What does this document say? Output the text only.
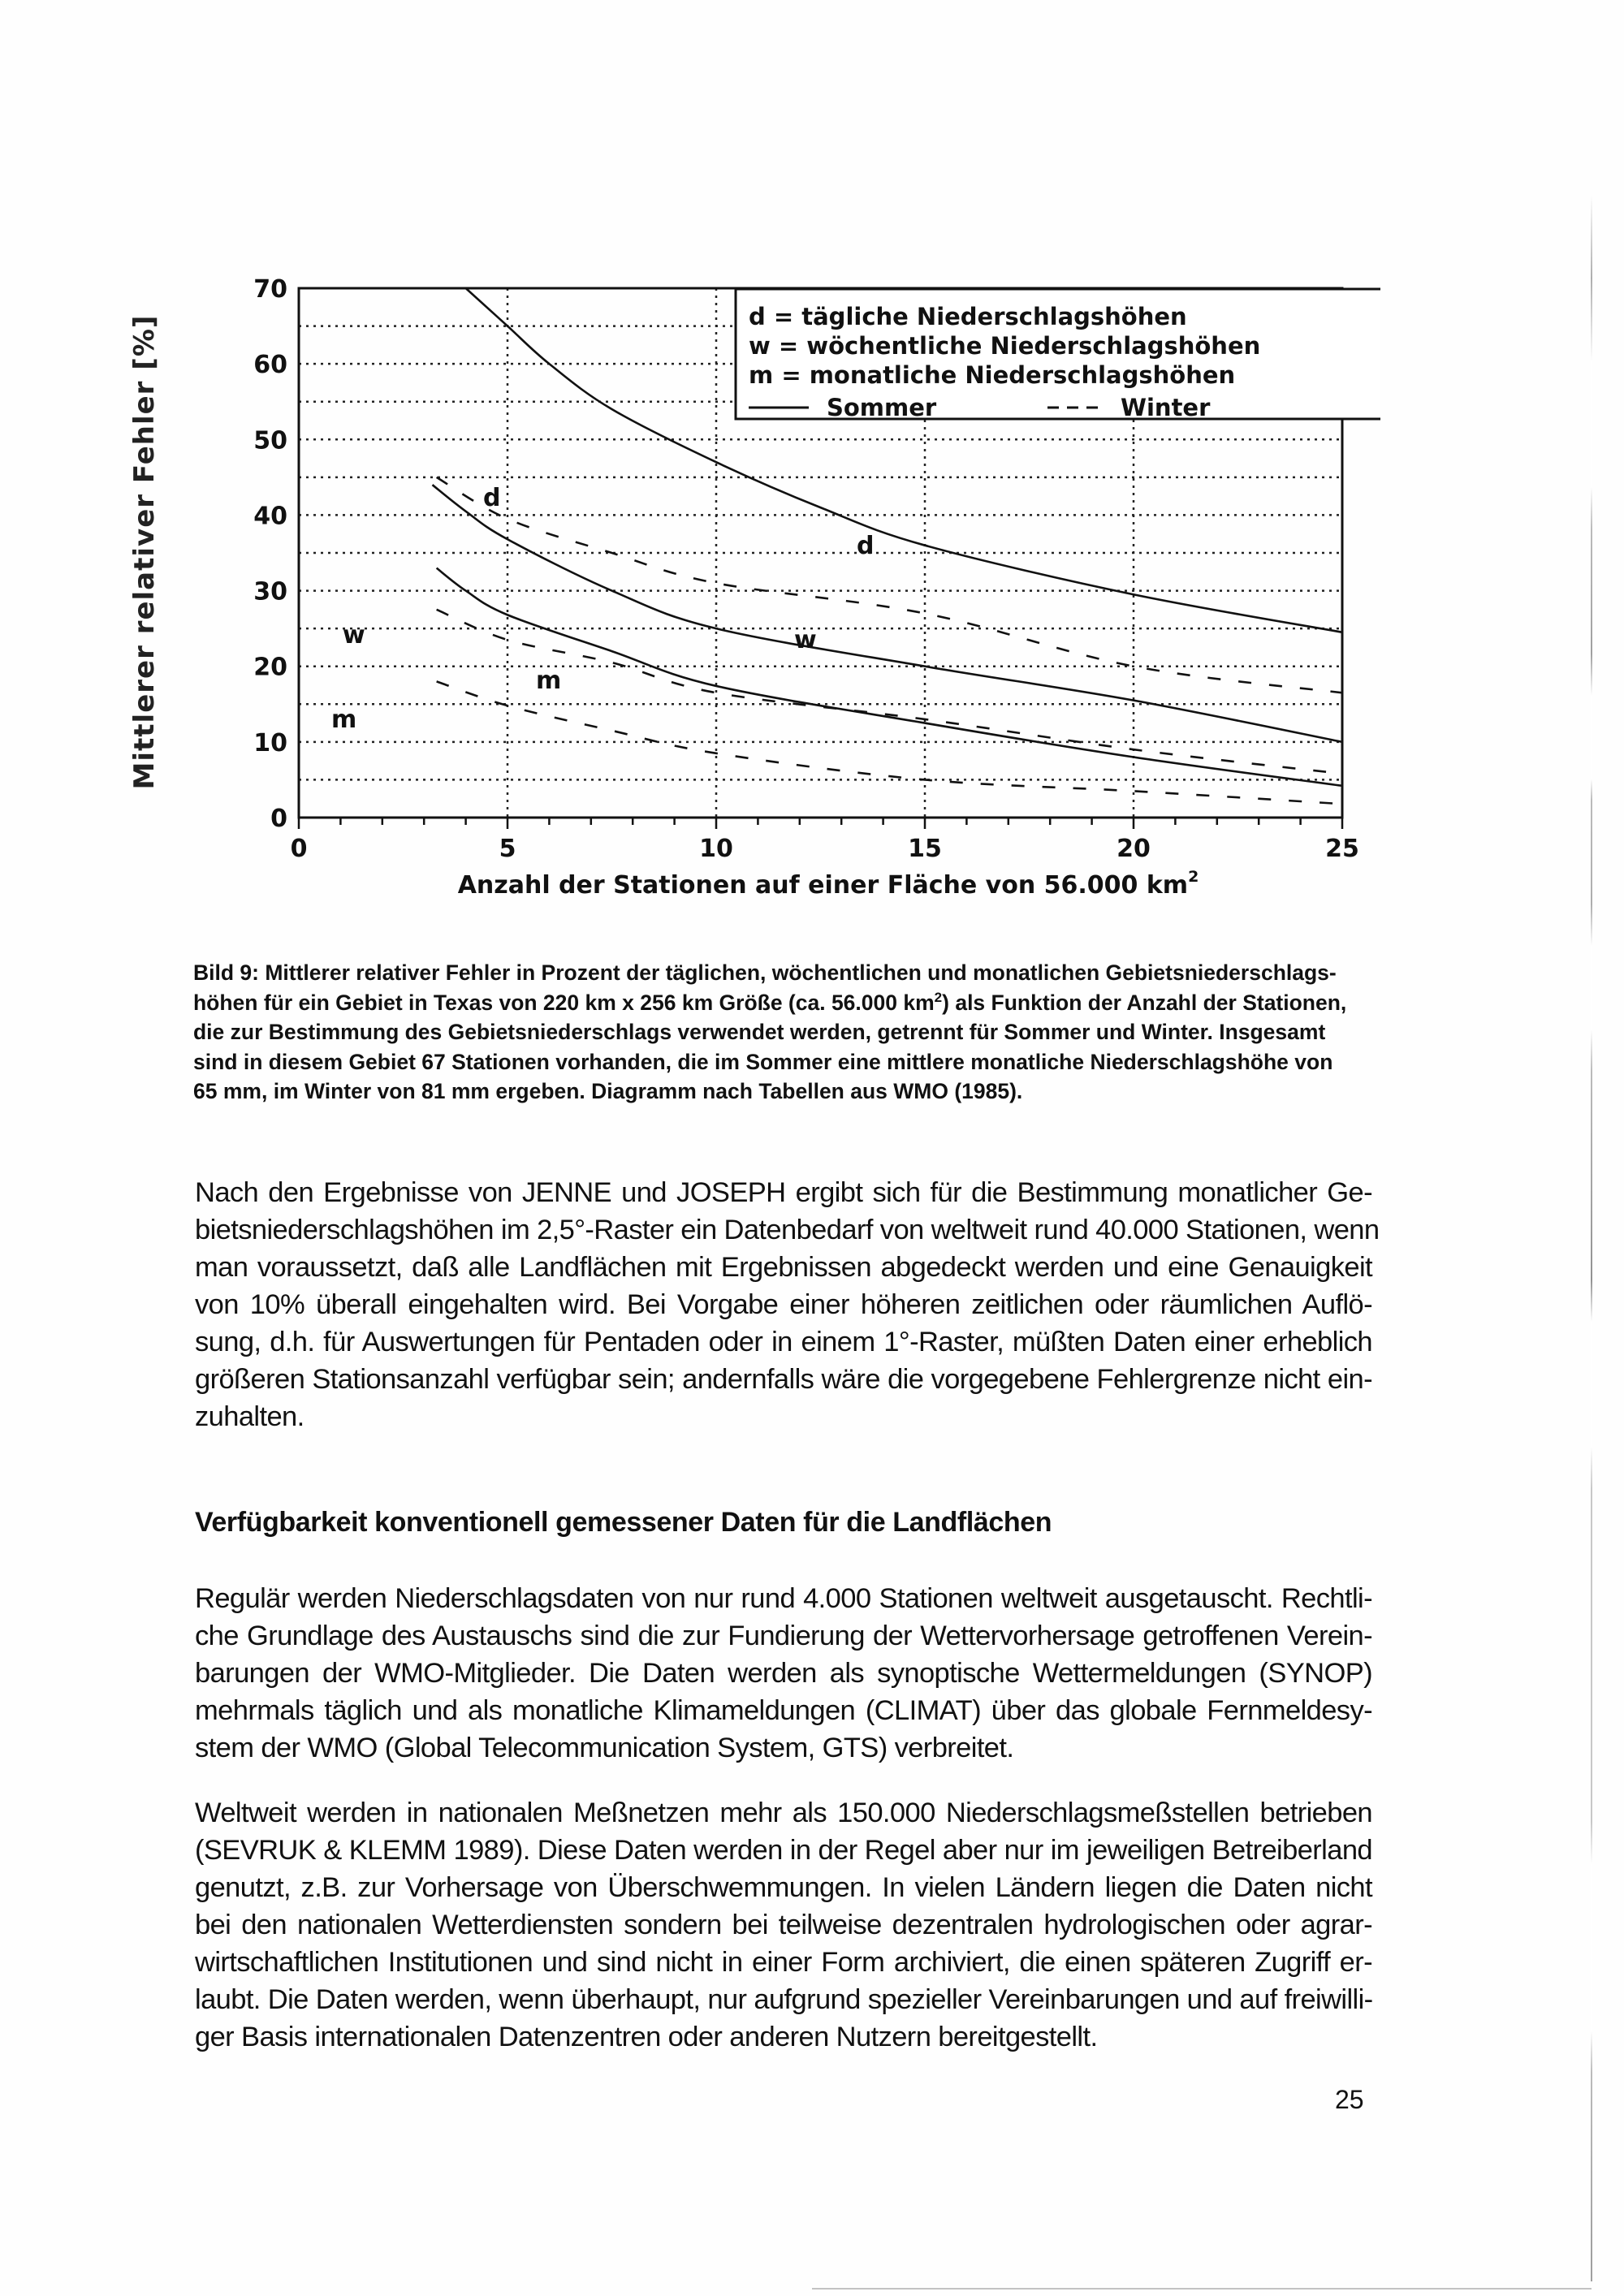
0
10
20
30
40
50
60
70
0	5	10	15	20	25
d = tägliche Niederschlagshöhen
w = wöchentliche Niederschlagshöhen
m = monatliche Niederschlagshöhen
Sommer	Winter
d
w
m
m
d
w
Anzahl der Stationen auf einer Fläche von 56.000 $km^2$
Mittlerer relativer Fehler [%]
Bild 9: Mittlerer relativer Fehler in Prozent der täglichen, wöchentlichen und monatlichen Gebietsniederschlags-
höhen für ein Gebiet in Texas von 220 km x 256 km Größe (ca. 56.000 $km^2$) als Funktion der Anzahl der Stationen,
die zur Bestimmung des Gebietsniederschlags verwendet werden, getrennt für Sommer und Winter. Insgesamt
sind in diesem Gebiet 67 Stationen vorhanden, die im Sommer eine mittlere monatliche Niederschlagshöhe von
65 mm, im Winter von 81 mm ergeben. Diagramm nach Tabellen aus WMO (1985).
Nach den Ergebnisse von JENNE und JOSEPH ergibt sich für die Bestimmung monatlicher Ge-
bietsniederschlagshöhen im 2,5°-Raster ein Datenbedarf von weltweit rund 40.000 Stationen, wenn
man voraussetzt, daß alle Landflächen mit Ergebnissen abgedeckt werden und eine Genauigkeit
von 10% überall eingehalten wird. Bei Vorgabe einer höheren zeitlichen oder räumlichen Auflö-
sung, d.h. für Auswertungen für Pentaden oder in einem 1°-Raster, müßten Daten einer erheblich
größeren Stationsanzahl verfügbar sein; andernfalls wäre die vorgegebene Fehlergrenze nicht ein-
zuhalten.
Verfügbarkeit konventionell gemessener Daten für die Landflächen
Regulär werden Niederschlagsdaten von nur rund 4.000 Stationen weltweit ausgetauscht. Rechtli-
che Grundlage des Austauschs sind die zur Fundierung der Wettervorhersage getroffenen Verein-
barungen der WMO-Mitglieder. Die Daten werden als synoptische Wettermeldungen (SYNOP)
mehrmals täglich und als monatliche Klimameldungen (CLIMAT) über das globale Fernmeldesy-
stem der WMO (Global Telecommunication System, GTS) verbreitet.
Weltweit werden in nationalen Meßnetzen mehr als 150.000 Niederschlagsmeßstellen betrieben
(SEVRUK & KLEMM 1989). Diese Daten werden in der Regel aber nur im jeweiligen Betreiberland
genutzt, z.B. zur Vorhersage von Überschwemmungen. In vielen Ländern liegen die Daten nicht
bei den nationalen Wetterdiensten sondern bei teilweise dezentralen hydrologischen oder agrar-
wirtschaftlichen Institutionen und sind nicht in einer Form archiviert, die einen späteren Zugriff er-
laubt. Die Daten werden, wenn überhaupt, nur aufgrund spezieller Vereinbarungen und auf freiwilli-
ger Basis internationalen Datenzentren oder anderen Nutzern bereitgestellt.
25
